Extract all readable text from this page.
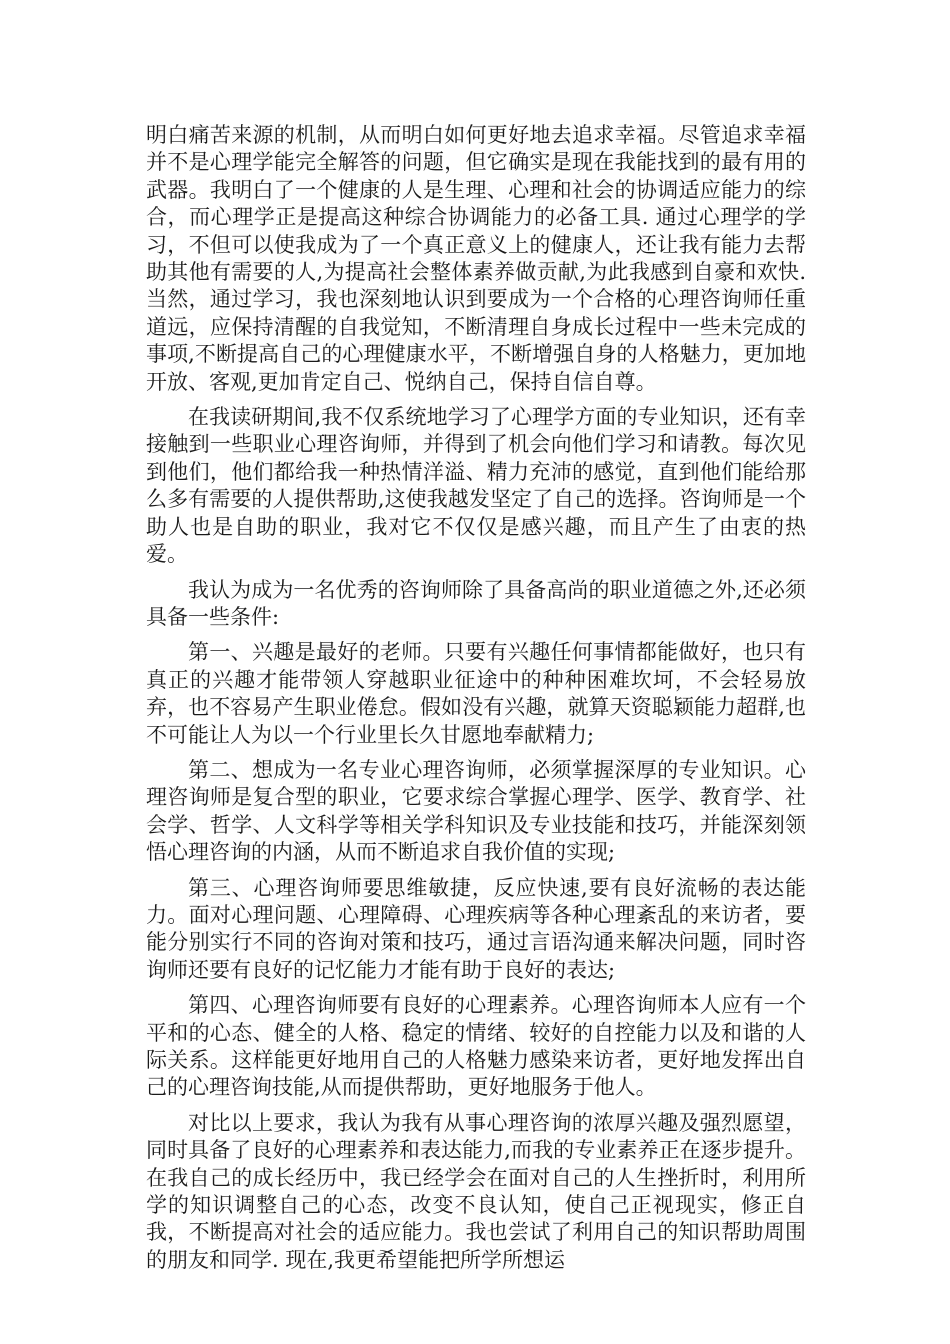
明白痛苦来源的机制，从而明白如何更好地去追求幸福。尽管追求幸福并不是心理学能完全解答的问题，但它确实是现在我能找到的最有用的武器。我明白了一个健康的人是生理、心理和社会的协调适应能力的综合，而心理学正是提高这种综合协调能力的必备工具. 通过心理学的学习，不但可以使我成为了一个真正意义上的健康人，还让我有能力去帮助其他有需要的人,为提高社会整体素养做贡献,为此我感到自豪和欢快. 当然，通过学习，我也深刻地认识到要成为一个合格的心理咨询师任重道远，应保持清醒的自我觉知，不断清理自身成长过程中一些未完成的事项,不断提高自己的心理健康水平，不断增强自身的人格魅力，更加地开放、客观,更加肯定自己、悦纳自己，保持自信自尊。

在我读研期间,我不仅系统地学习了心理学方面的专业知识，还有幸接触到一些职业心理咨询师，并得到了机会向他们学习和请教。每次见到他们，他们都给我一种热情洋溢、精力充沛的感觉，直到他们能给那么多有需要的人提供帮助,这使我越发坚定了自己的选择。咨询师是一个助人也是自助的职业，我对它不仅仅是感兴趣，而且产生了由衷的热爱。

我认为成为一名优秀的咨询师除了具备高尚的职业道德之外,还必须具备一些条件:

第一、兴趣是最好的老师。只要有兴趣任何事情都能做好，也只有真正的兴趣才能带领人穿越职业征途中的种种困难坎坷，不会轻易放弃，也不容易产生职业倦怠。假如没有兴趣，就算天资聪颖能力超群,也不可能让人为以一个行业里长久甘愿地奉献精力;

第二、想成为一名专业心理咨询师，必须掌握深厚的专业知识。心理咨询师是复合型的职业，它要求综合掌握心理学、医学、教育学、社会学、哲学、人文科学等相关学科知识及专业技能和技巧，并能深刻领悟心理咨询的内涵，从而不断追求自我价值的实现;

第三、心理咨询师要思维敏捷，反应快速,要有良好流畅的表达能力。面对心理问题、心理障碍、心理疾病等各种心理紊乱的来访者，要能分别实行不同的咨询对策和技巧，通过言语沟通来解决问题，同时咨询师还要有良好的记忆能力才能有助于良好的表达;

第四、心理咨询师要有良好的心理素养。心理咨询师本人应有一个平和的心态、健全的人格、稳定的情绪、较好的自控能力以及和谐的人际关系。这样能更好地用自己的人格魅力感染来访者，更好地发挥出自己的心理咨询技能,从而提供帮助，更好地服务于他人。

对比以上要求，我认为我有从事心理咨询的浓厚兴趣及强烈愿望，同时具备了良好的心理素养和表达能力,而我的专业素养正在逐步提升。在我自己的成长经历中，我已经学会在面对自己的人生挫折时，利用所学的知识调整自己的心态，改变不良认知，使自己正视现实，修正自我，不断提高对社会的适应能力。我也尝试了利用自己的知识帮助周围的朋友和同学. 现在,我更希望能把所学所想运
